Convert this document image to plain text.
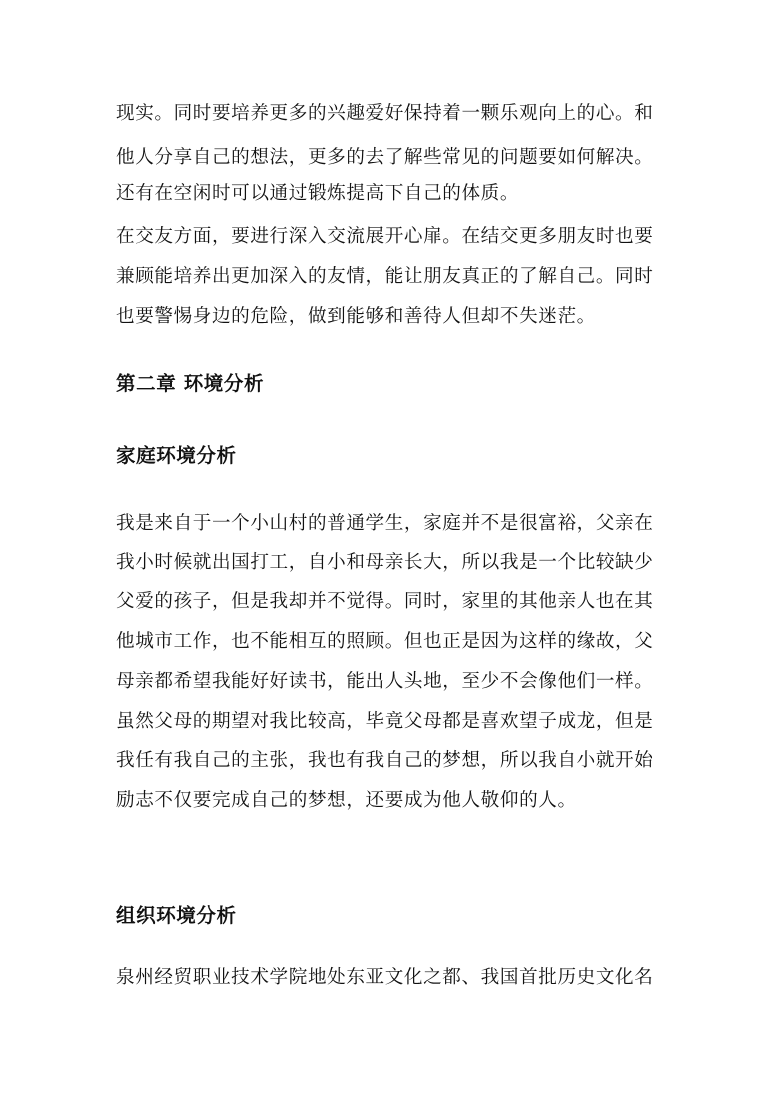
现实。同时要培养更多的兴趣爱好保持着一颗乐观向上的心。和
他人分享自己的想法，更多的去了解些常见的问题要如何解决。
还有在空闲时可以通过锻炼提高下自己的体质。
在交友方面，要进行深入交流展开心扉。在结交更多朋友时也要
兼顾能培养出更加深入的友情，能让朋友真正的了解自己。同时
也要警惕身边的危险，做到能够和善待人但却不失迷茫。
第二章 环境分析
家庭环境分析
我是来自于一个小山村的普通学生，家庭并不是很富裕，父亲在
我小时候就出国打工，自小和母亲长大，所以我是一个比较缺少
父爱的孩子，但是我却并不觉得。同时，家里的其他亲人也在其
他城市工作，也不能相互的照顾。但也正是因为这样的缘故，父
母亲都希望我能好好读书，能出人头地，至少不会像他们一样。
虽然父母的期望对我比较高，毕竟父母都是喜欢望子成龙，但是
我任有我自己的主张，我也有我自己的梦想，所以我自小就开始
励志不仅要完成自己的梦想，还要成为他人敬仰的人。
组织环境分析
泉州经贸职业技术学院地处东亚文化之都、我国首批历史文化名
